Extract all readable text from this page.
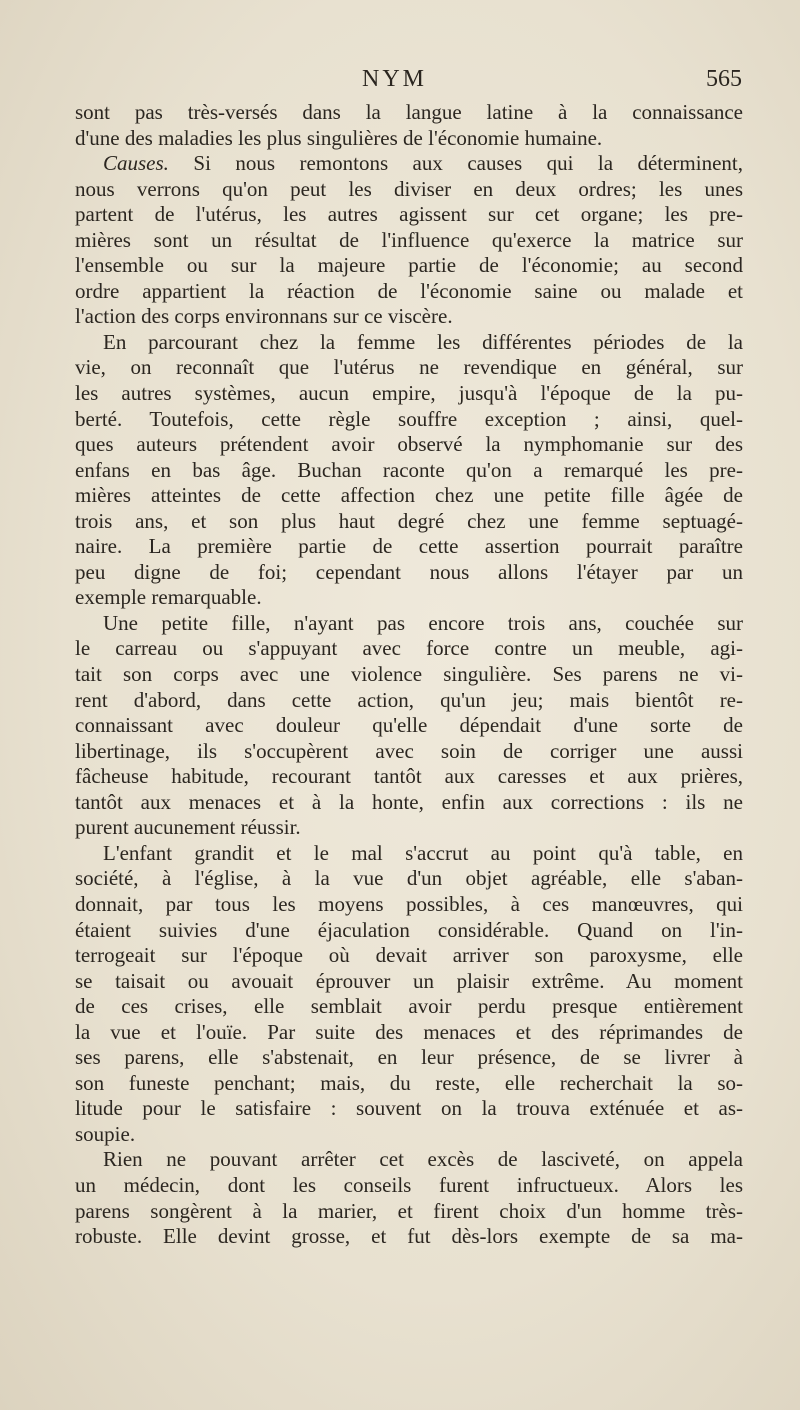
NYM	565
sont pas très-versés dans la langue latine à la connaissance
d'une des maladies les plus singulières de l'économie humaine.
Causes. Si nous remontons aux causes qui la déterminent,
nous verrons qu'on peut les diviser en deux ordres; les unes
partent de l'utérus, les autres agissent sur cet organe; les pre-
mières sont un résultat de l'influence qu'exerce la matrice sur
l'ensemble ou sur la majeure partie de l'économie; au second
ordre appartient la réaction de l'économie saine ou malade et
l'action des corps environnans sur ce viscère.
En parcourant chez la femme les différentes périodes de la
vie, on reconnaît que l'utérus ne revendique en général, sur
les autres systèmes, aucun empire, jusqu'à l'époque de la pu-
berté. Toutefois, cette règle souffre exception ; ainsi, quel-
ques auteurs prétendent avoir observé la nymphomanie sur des
enfans en bas âge. Buchan raconte qu'on a remarqué les pre-
mières atteintes de cette affection chez une petite fille âgée de
trois ans, et son plus haut degré chez une femme septuagé-
naire. La première partie de cette assertion pourrait paraître
peu digne de foi; cependant nous allons l'étayer par un
exemple remarquable.
Une petite fille, n'ayant pas encore trois ans, couchée sur
le carreau ou s'appuyant avec force contre un meuble, agi-
tait son corps avec une violence singulière. Ses parens ne vi-
rent d'abord, dans cette action, qu'un jeu; mais bientôt re-
connaissant avec douleur qu'elle dépendait d'une sorte de
libertinage, ils s'occupèrent avec soin de corriger une aussi
fâcheuse habitude, recourant tantôt aux caresses et aux prières,
tantôt aux menaces et à la honte, enfin aux corrections : ils ne
purent aucunement réussir.
L'enfant grandit et le mal s'accrut au point qu'à table, en
société, à l'église, à la vue d'un objet agréable, elle s'aban-
donnait, par tous les moyens possibles, à ces manœuvres, qui
étaient suivies d'une éjaculation considérable. Quand on l'in-
terrogeait sur l'époque où devait arriver son paroxysme, elle
se taisait ou avouait éprouver un plaisir extrême. Au moment
de ces crises, elle semblait avoir perdu presque entièrement
la vue et l'ouïe. Par suite des menaces et des réprimandes de
ses parens, elle s'abstenait, en leur présence, de se livrer à
son funeste penchant; mais, du reste, elle recherchait la so-
litude pour le satisfaire : souvent on la trouva exténuée et as-
soupie.
Rien ne pouvant arrêter cet excès de lasciveté, on appela
un médecin, dont les conseils furent infructueux. Alors les
parens songèrent à la marier, et firent choix d'un homme très-
robuste. Elle devint grosse, et fut dès-lors exempte de sa ma-
